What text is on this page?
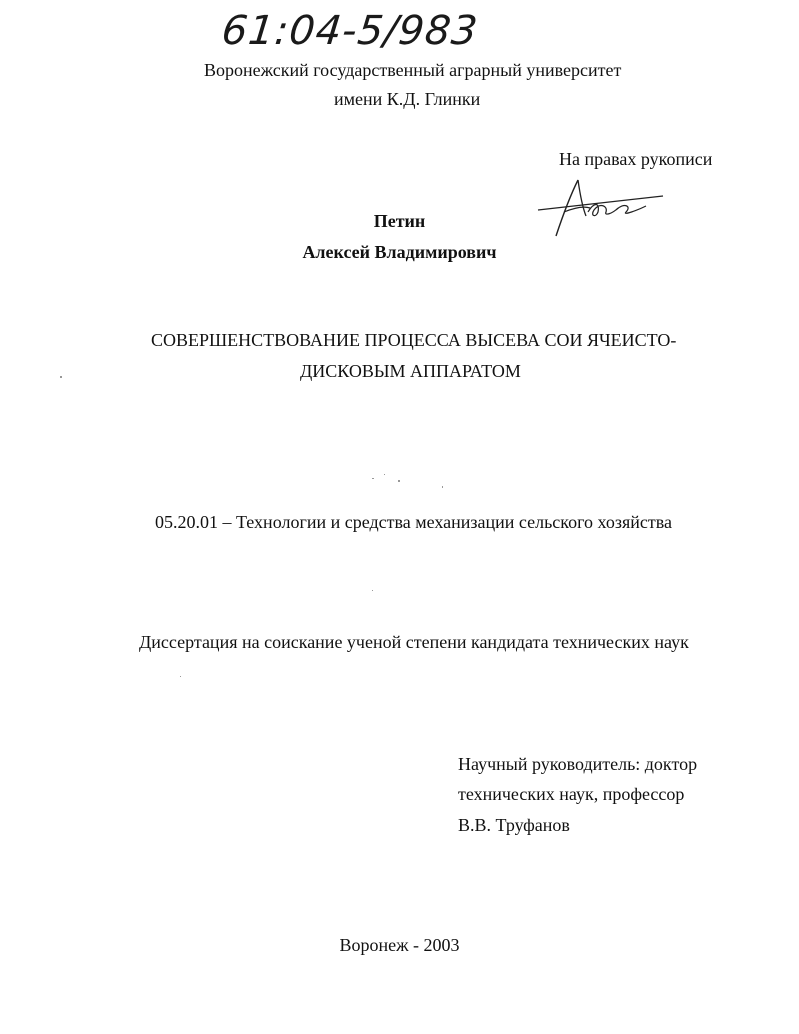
61:04-5/983
Воронежский государственный аграрный университет
имени К.Д. Глинки
На правах рукописи
Петин
Алексей Владимирович
СОВЕРШЕНСТВОВАНИЕ ПРОЦЕССА ВЫСЕВА СОИ ЯЧЕИСТО-
ДИСКОВЫМ АППАРАТОМ
05.20.01 – Технологии и средства механизации сельского хозяйства
Диссертация на соискание ученой степени кандидата технических наук
Научный руководитель: доктор
технических наук, профессор
В.В. Труфанов
Воронеж - 2003
